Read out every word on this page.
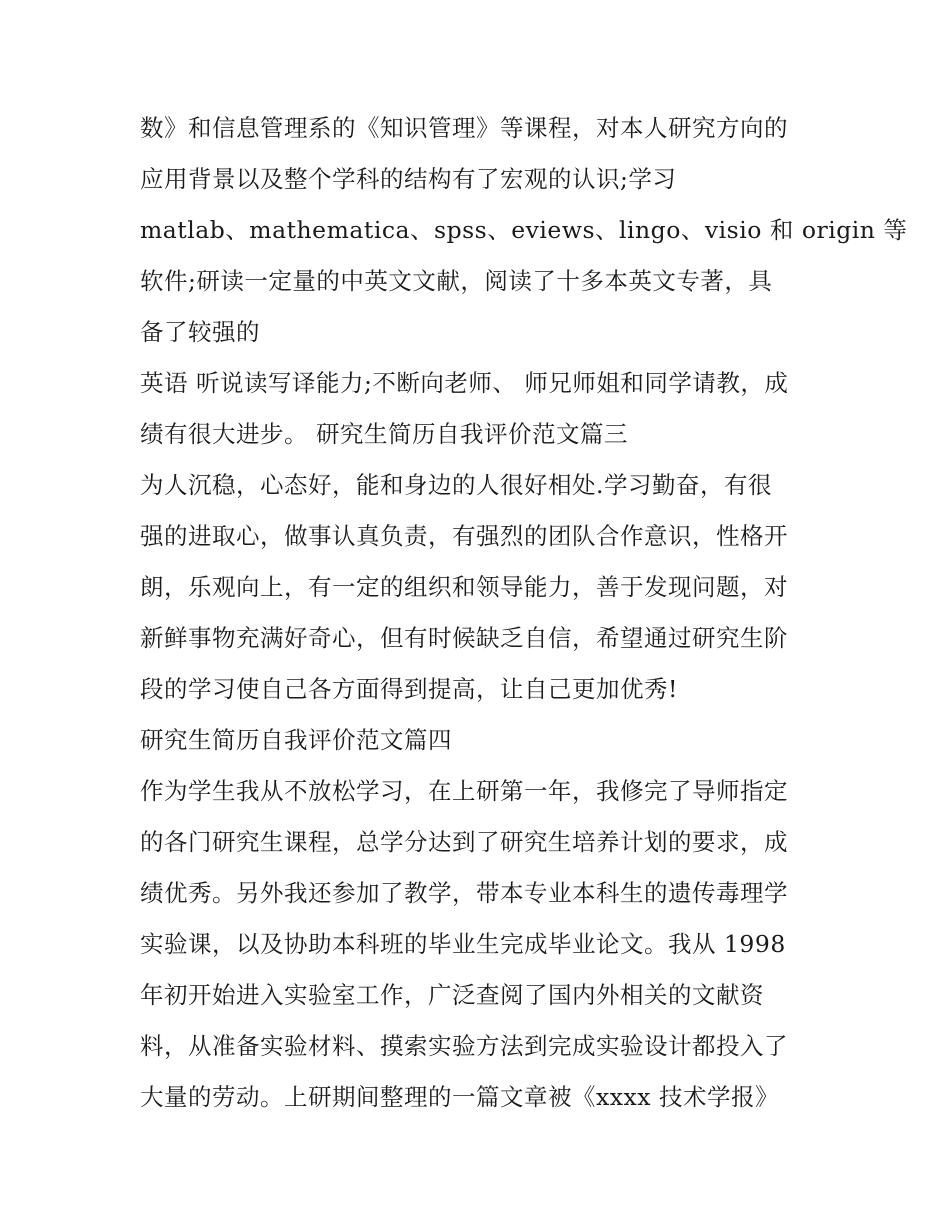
数》和信息管理系的《知识管理》等课程，对本人研究方向的
应用背景以及整个学科的结构有了宏观的认识;学习
matlab、mathematica、spss、eviews、lingo、visio 和 origin 等
软件;研读一定量的中英文文献，阅读了十多本英文专著，具
备了较强的
英语 听说读写译能力;不断向老师、 师兄师姐和同学请教，成
绩有很大进步。 研究生简历自我评价范文篇三
为人沉稳，心态好，能和身边的人很好相处.学习勤奋，有很
强的进取心，做事认真负责，有强烈的团队合作意识，性格开
朗，乐观向上，有一定的组织和领导能力，善于发现问题，对
新鲜事物充满好奇心，但有时候缺乏自信，希望通过研究生阶
段的学习使自己各方面得到提高，让自己更加优秀!
研究生简历自我评价范文篇四
作为学生我从不放松学习，在上研第一年，我修完了导师指定
的各门研究生课程，总学分达到了研究生培养计划的要求，成
绩优秀。另外我还参加了教学，带本专业本科生的遗传毒理学
实验课，以及协助本科班的毕业生完成毕业论文。我从 1998
年初开始进入实验室工作，广泛查阅了国内外相关的文献资
料，从准备实验材料、摸索实验方法到完成实验设计都投入了
大量的劳动。上研期间整理的一篇文章被《xxxx 技术学报》
